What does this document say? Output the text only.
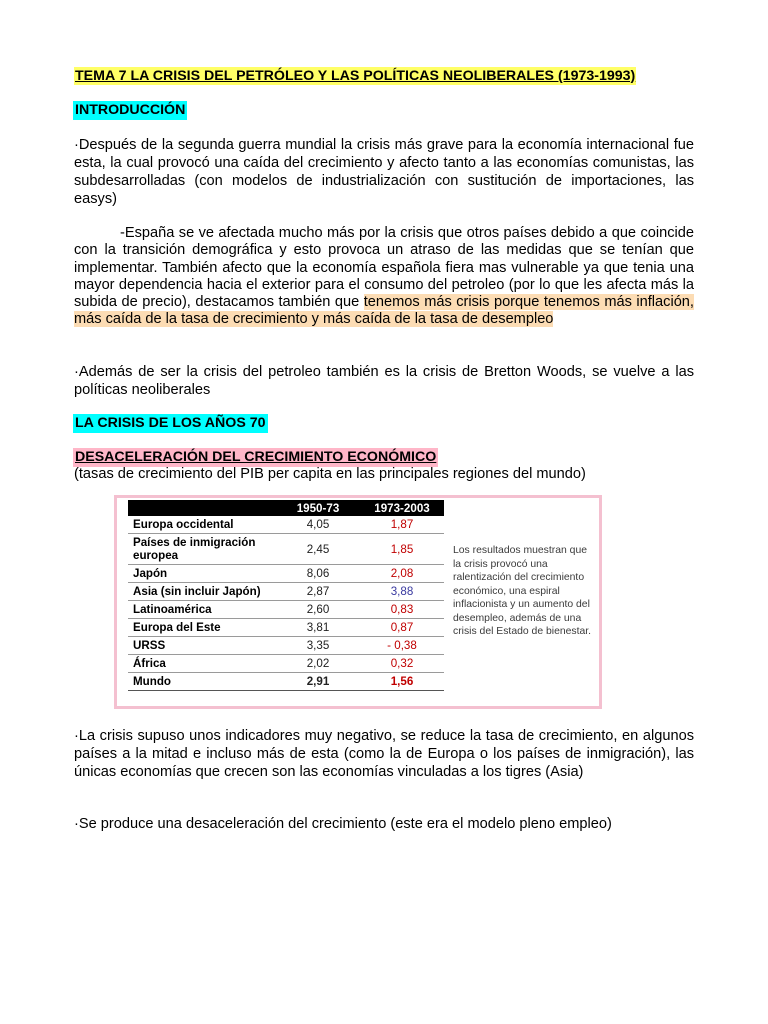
TEMA 7 LA CRISIS DEL PETRÓLEO Y LAS POLÍTICAS NEOLIBERALES (1973-1993)
INTRODUCCIÓN
·Después de la segunda guerra mundial la crisis más grave para la economía internacional fue esta, la cual provocó una caída del crecimiento y afecto tanto a las economías comunistas, las subdesarrolladas (con modelos de industrialización con sustitución de importaciones, las easys)
-España se ve afectada mucho más por la crisis que otros países debido a que coincide con la transición demográfica y esto provoca un atraso de las medidas que se tenían que implementar. También afecto que la economía española fiera mas vulnerable ya que tenia una mayor dependencia hacia el exterior para el consumo del petroleo (por lo que les afecta más la subida de precio), destacamos también que tenemos más crisis porque tenemos más inflación, más caída de la tasa de crecimiento y más caída de la tasa de desempleo
·Además de ser la crisis del petroleo también es la crisis de Bretton Woods, se vuelve a las políticas neoliberales
LA CRISIS DE LOS AÑOS 70
DESACELERACIÓN DEL CRECIMIENTO ECONÓMICO
(tasas de crecimiento del PIB per capita en las principales regiones del mundo)
	1950-73	1973-2003
Europa occidental	4,05	1,87
Países de inmigración europea	2,45	1,85
Japón	8,06	2,08
Asia (sin incluir Japón)	2,87	3,88
Latinoamérica	2,60	0,83
Europa del Este	3,81	0,87
URSS	3,35	- 0,38
África	2,02	0,32
Mundo	2,91	1,56
Los resultados muestran que la crisis provocó una ralentización del crecimiento económico, una espiral inflacionista y un aumento del desempleo, además de una crisis del Estado de bienestar.
·La crisis supuso unos indicadores muy negativo, se reduce la tasa de crecimiento, en algunos países a la mitad e incluso más de esta (como la de Europa o los países de inmigración), las únicas economías que crecen son las economías vinculadas a los tigres (Asia)
·Se produce una desaceleración del crecimiento (este era el modelo pleno empleo)
